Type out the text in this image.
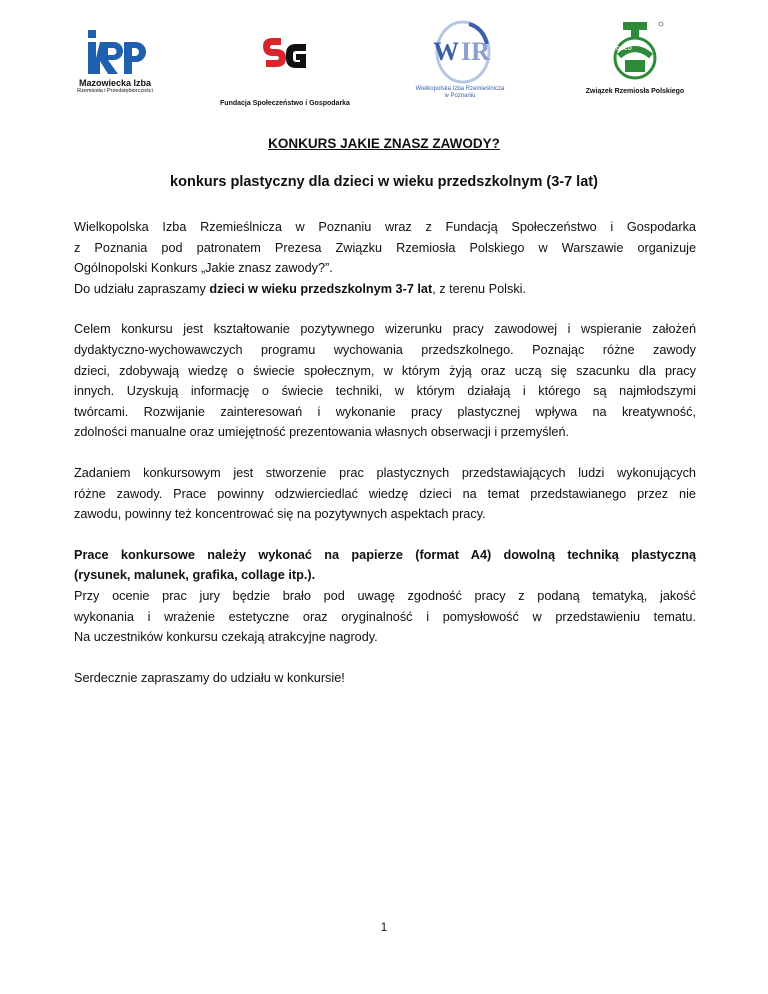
Mazowiecka Izba
Rzemiosła i Przedsiębiorczości
Fundacja Społeczeństwo i Gospodarka
W IR
Wielkopolska Izba Rzemieślnicza
w Poznaniu
RZEMIOSŁO
Związek Rzemiosła Polskiego
KONKURS JAKIE ZNASZ ZAWODY?
konkurs plastyczny dla dzieci w wieku przedszkolnym (3-7 lat)
Wielkopolska Izba Rzemieślnicza w Poznaniu wraz z Fundacją Społeczeństwo i Gospodarka
z Poznania pod patronatem Prezesa Związku Rzemiosła Polskiego w Warszawie organizuje
Ogólnopolski Konkurs „Jakie znasz zawody?”.
Do udziału zapraszamy dzieci w wieku przedszkolnym 3-7 lat, z terenu Polski.
Celem konkursu jest kształtowanie pozytywnego wizerunku pracy zawodowej i wspieranie założeń
dydaktyczno-wychowawczych programu wychowania przedszkolnego. Poznając różne zawody
dzieci, zdobywają wiedzę o świecie społecznym, w którym żyją oraz uczą się szacunku dla pracy
innych. Uzyskują informację o świecie techniki, w którym działają i którego są najmłodszymi
twórcami. Rozwijanie zainteresowań i wykonanie pracy plastycznej wpływa na kreatywność,
zdolności manualne oraz umiejętność prezentowania własnych obserwacji i przemyśleń.
Zadaniem konkursowym jest stworzenie prac plastycznych przedstawiających ludzi wykonujących
różne zawody. Prace powinny odzwierciedlać wiedzę dzieci na temat przedstawianego przez nie
zawodu, powinny też koncentrować się na pozytywnych aspektach pracy.
Prace konkursowe należy wykonać na papierze (format A4) dowolną techniką plastyczną
(rysunek, malunek, grafika, collage itp.).
Przy ocenie prac jury będzie brało pod uwagę zgodność pracy z podaną tematyką, jakość
wykonania i wrażenie estetyczne oraz oryginalność i pomysłowość w przedstawieniu tematu.
Na uczestników konkursu czekają atrakcyjne nagrody.
Serdecznie zapraszamy do udziału w konkursie!
1
